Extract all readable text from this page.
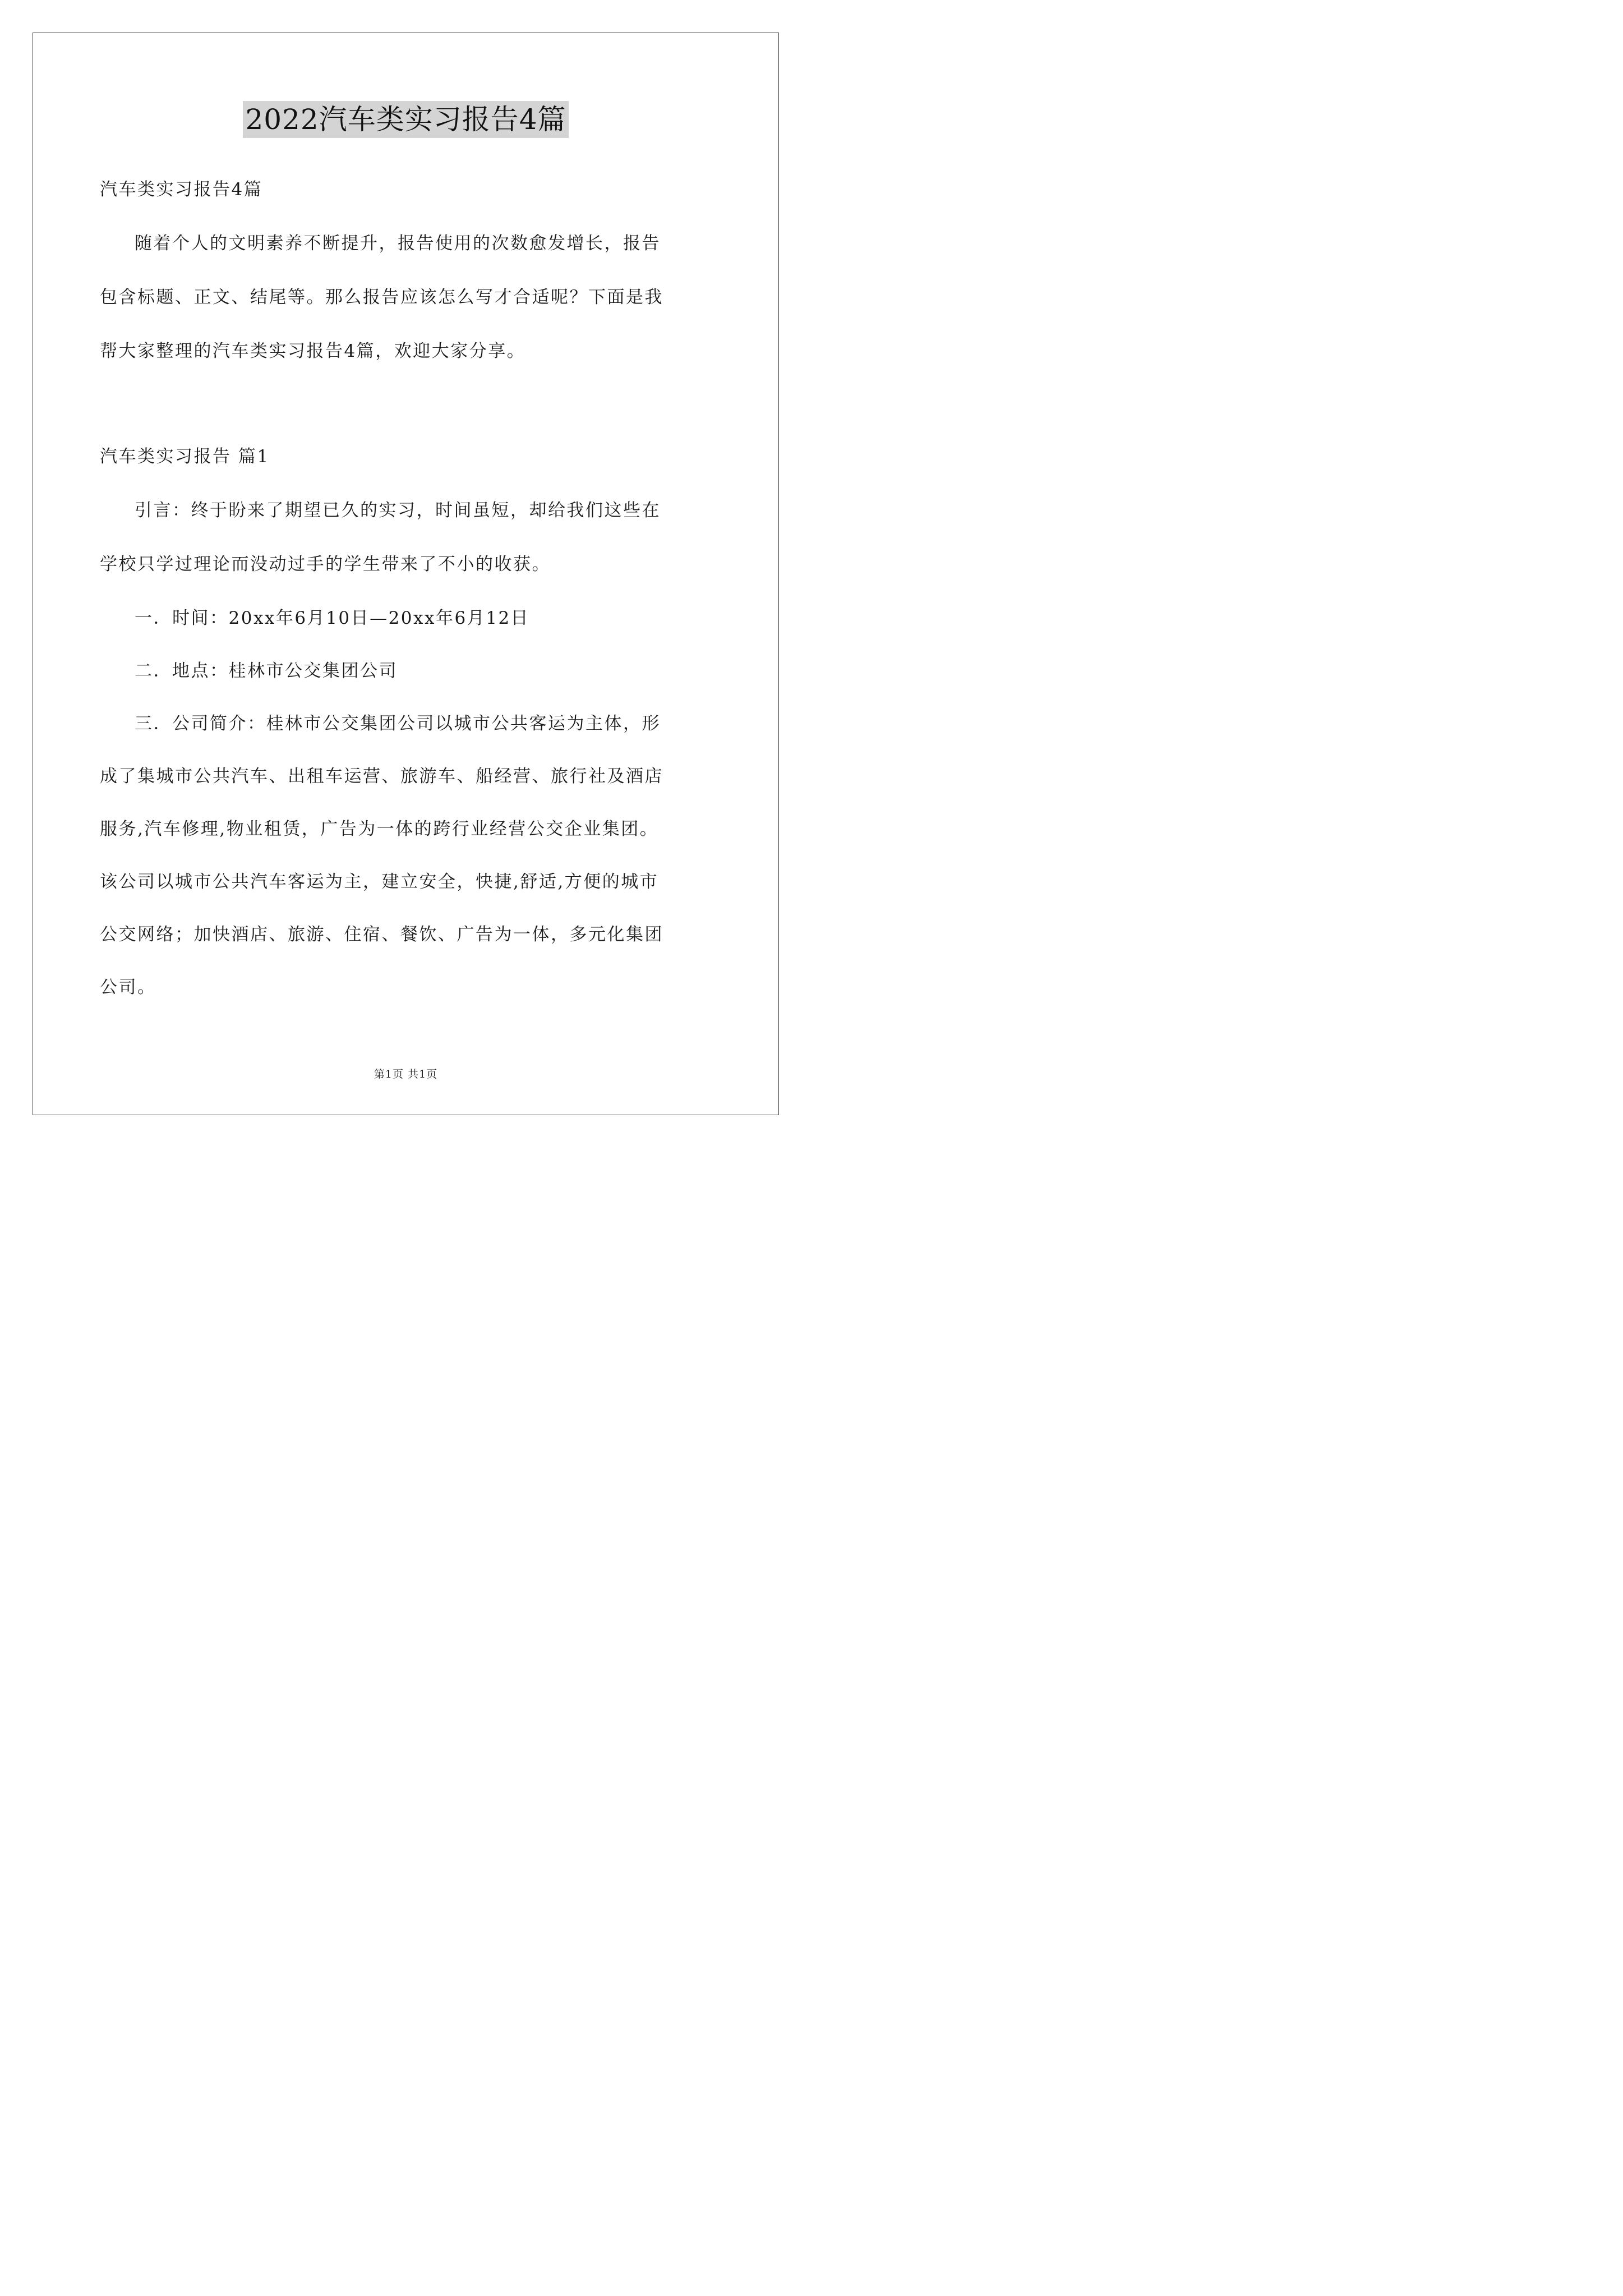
2022汽车类实习报告4篇
汽车类实习报告4篇
随着个人的文明素养不断提升，报告使用的次数愈发增长，报告
包含标题、正文、结尾等。那么报告应该怎么写才合适呢？下面是我
帮大家整理的汽车类实习报告4篇，欢迎大家分享。
汽车类实习报告 篇1
引言：终于盼来了期望已久的实习，时间虽短，却给我们这些在
学校只学过理论而没动过手的学生带来了不小的收获。
一．时间：20xx年6月10日—20xx年6月12日
二．地点：桂林市公交集团公司
三．公司简介：桂林市公交集团公司以城市公共客运为主体，形
成了集城市公共汽车、出租车运营、旅游车、船经营、旅行社及酒店
服务,汽车修理,物业租赁，广告为一体的跨行业经营公交企业集团。
该公司以城市公共汽车客运为主，建立安全，快捷,舒适,方便的城市
公交网络；加快酒店、旅游、住宿、餐饮、广告为一体，多元化集团
公司。
第1页 共1页
